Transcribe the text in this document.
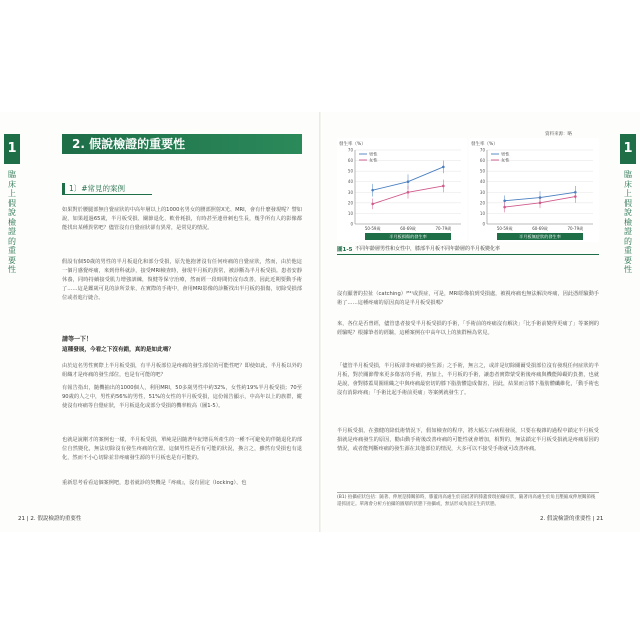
1
臨床上假說檢證的重要性
2. 假說檢證的重要性
1〕#常見的案例
如果對於腰腿部無自覺症狀的中高年層以上的1000名男女的腰部照射X光、MRI，會有什麼發現呢？譬如說，如果超過65歲，半月板受損、關節退化、軟骨耗損，有時甚至連骨刺也生長，幾乎所有人的影像都能找出某種異常吧？儘管沒有自覺症狀卻有異常，是常見的情況。
假設有個50歲的男性的半月板退化和部分受損，原先他抱著沒有任何疼痛的自覺症狀，然而，由於他這一個月感覺疼痛，來到骨科就診，接受MRI檢查時，發現半月板的異常，被診斷為半月板受損。患者安靜休養，同時持續接受肌力增強訓練，復健等保守治療，然而經一段時間仍沒有改善，因此近期要動手術了……這是鑑歲可見的診所景象，在實際的手術中，會用MRI影像的診斷找出半月板的損傷，切除受損部位或者進行縫合。
請等一下！
這種發展，今看之下沒有錯，真的是如此嗎？
由於這名男性實際上半月板受損，有半月板部位是疼痛的發生部位的可能性吧？即使如此，半月板以外的組織才是疼痛的發生部位，也是有可能的吧？
有報告指出，隨機抽出的1000個人，利用MRI，50多歲男性中約32%，女性約19%半月板受損；70至90歲的人之中，男性約56%的男性，51%的女性的半月板受損，這份報告顯示，中高年以上的族群，縱使沒有疼痛等自覺症狀，半月板退化或部分受損的機率較高（圖1-5）。
也就是說剛才的案例也一樣，半月板受損，單純是因隨著年紀增長所產生的一種不可避免的伴隨退化的部位自然變化，無法切除沒有發生疼痛的位置。這個男性是否有可能的狀況，換言之，雖然有受損也有退化，然而不小心切除並非疼痛發生源的半月板也是有可能的。
重新思考看看這個案例吧，患者就診的契機是『疼痛』，沒有固定（locking）、也
21 | 2. 假說檢證的重要性
1
臨床上假說檢證的重要性
資料來源：略
發生率（%）
0
10
20
30
40
50
60
70
50-59歲	60-69歲	70-79歲
半月板損傷的發生率
男性
女性
發生率（%）
0
10
20
30
40
50
60
70
50-59歲	60-69歲	70-79歲
半月板無症狀的發生率
男性
女性
圖1-5 不同年齡層男性和女性中，膝部半月板不同年齡層的半月板變化率
沒有顯著的拉扯（catching）⁽ᴮ¹⁾或異症，可是，MRI影像拍到受損處，被視疼痛也無法解決疼痛，因此憑經驗動手術了……這種疼痛的原因真的是半月板受損嗎？
來，各位是否曾經，儘管患者接受半月板受損的手術，「手術前的疼痛沒有解決」「比手術前變得更痛了」等案例的經驗呢？根據筆者的經驗，這種案例在中高年以上的族群極為常見。
「儘管半月板受損，半月板卻非疼痛的發生源」之手術，無言之，或許是切除關爾受損部位沒有發現任何症狀的半月板，對於關節帶來更多傷害的手術，再加上，半月板的手術，讓患者實際蒙受術後疼痛與機能障礙的負擔，也就是說，會對膝蓋周圍組織之中與疼痛最密切的膝下脂肪體造成傷害，因此，結果而言膝下脂肪體纖維化，「動手術也沒有消除疼痛」「手術比起手術前更痛」等案例就發生了。
半月板受損，在強健的降低術情況下，假如檢查的程序，將大幅左右病程發展，只要在複雜的過程中鎖定半月板受損就是疼痛發生的原因，勸由動手術後改善疼痛的可能性就會增加，相對的，無法鎖定半月板受損就是疼痛原因的情況，或者能判斷疼痛的發生源在其他部位的情況，大多可以不接受手術就可改善疼痛。
(B1) 拍攝症狀包括：隨著、伸展是膝關節時，膝蓋再高處生於前抵著的膝蓋發現拍攝症狀，隨著再高處生於角且壓縮成伸展關節後還抓固定。單薄會分析方拍攝的圖層的狀態下拍攝或，無法形成角固定生的狀態。
2. 假說檢證的重要性 | 21
